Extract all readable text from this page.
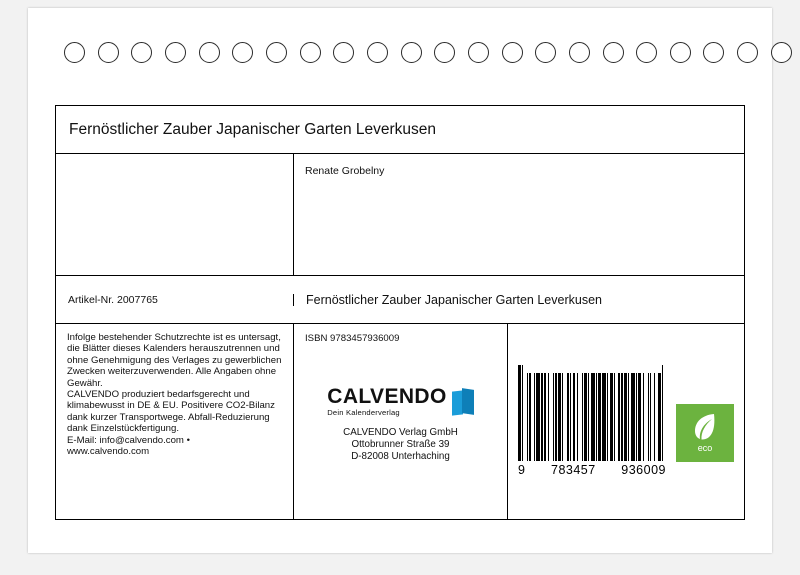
Fernöstlicher Zauber Japanischer Garten Leverkusen
Renate Grobelny
Artikel-Nr. 2007765	Fernöstlicher Zauber Japanischer Garten Leverkusen

Infolge bestehender Schutzrechte ist es untersagt, die Blätter dieses Kalenders herauszutrennen und ohne Genehmigung des Verlages zu gewerblichen Zwecken weiterzuverwenden. Alle Angaben ohne Gewähr.

CALVENDO produziert bedarfsgerecht und klimabewusst in DE & EU. Positivere CO2-Bilanz dank kurzer Transportwege. Abfall-Reduzierung dank Einzelstückfertigung.

E-Mail: info@calvendo.com •

www.calvendo.com

ISBN 9783457936009
CALVENDO
Dein Kalenderverlag
CALVENDO Verlag GmbH
Ottobrunner Straße 39
D-82008 Unterhaching
9 783457 936009
eco
